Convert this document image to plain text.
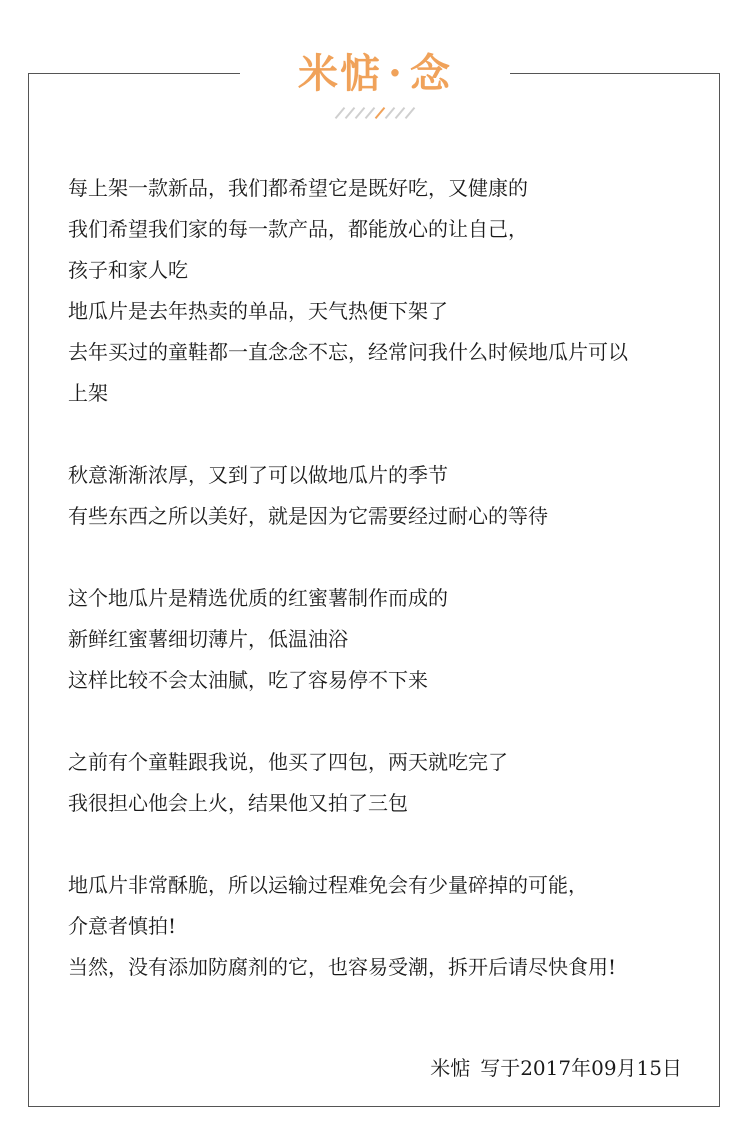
米惦 · 念

每上架一款新品，我们都希望它是既好吃，又健康的

我们希望我们家的每一款产品，都能放心的让自己，

孩子和家人吃

地瓜片是去年热卖的单品，天气热便下架了

去年买过的童鞋都一直念念不忘，经常问我什么时候地瓜片可以

上架

秋意渐渐浓厚，又到了可以做地瓜片的季节

有些东西之所以美好，就是因为它需要经过耐心的等待

这个地瓜片是精选优质的红蜜薯制作而成的

新鲜红蜜薯细切薄片，低温油浴

这样比较不会太油腻，吃了容易停不下来

之前有个童鞋跟我说，他买了四包，两天就吃完了

我很担心他会上火，结果他又拍了三包

地瓜片非常酥脆，所以运输过程难免会有少量碎掉的可能，

介意者慎拍!

当然，没有添加防腐剂的它，也容易受潮，拆开后请尽快食用!

米惦 写于2017年09月15日
